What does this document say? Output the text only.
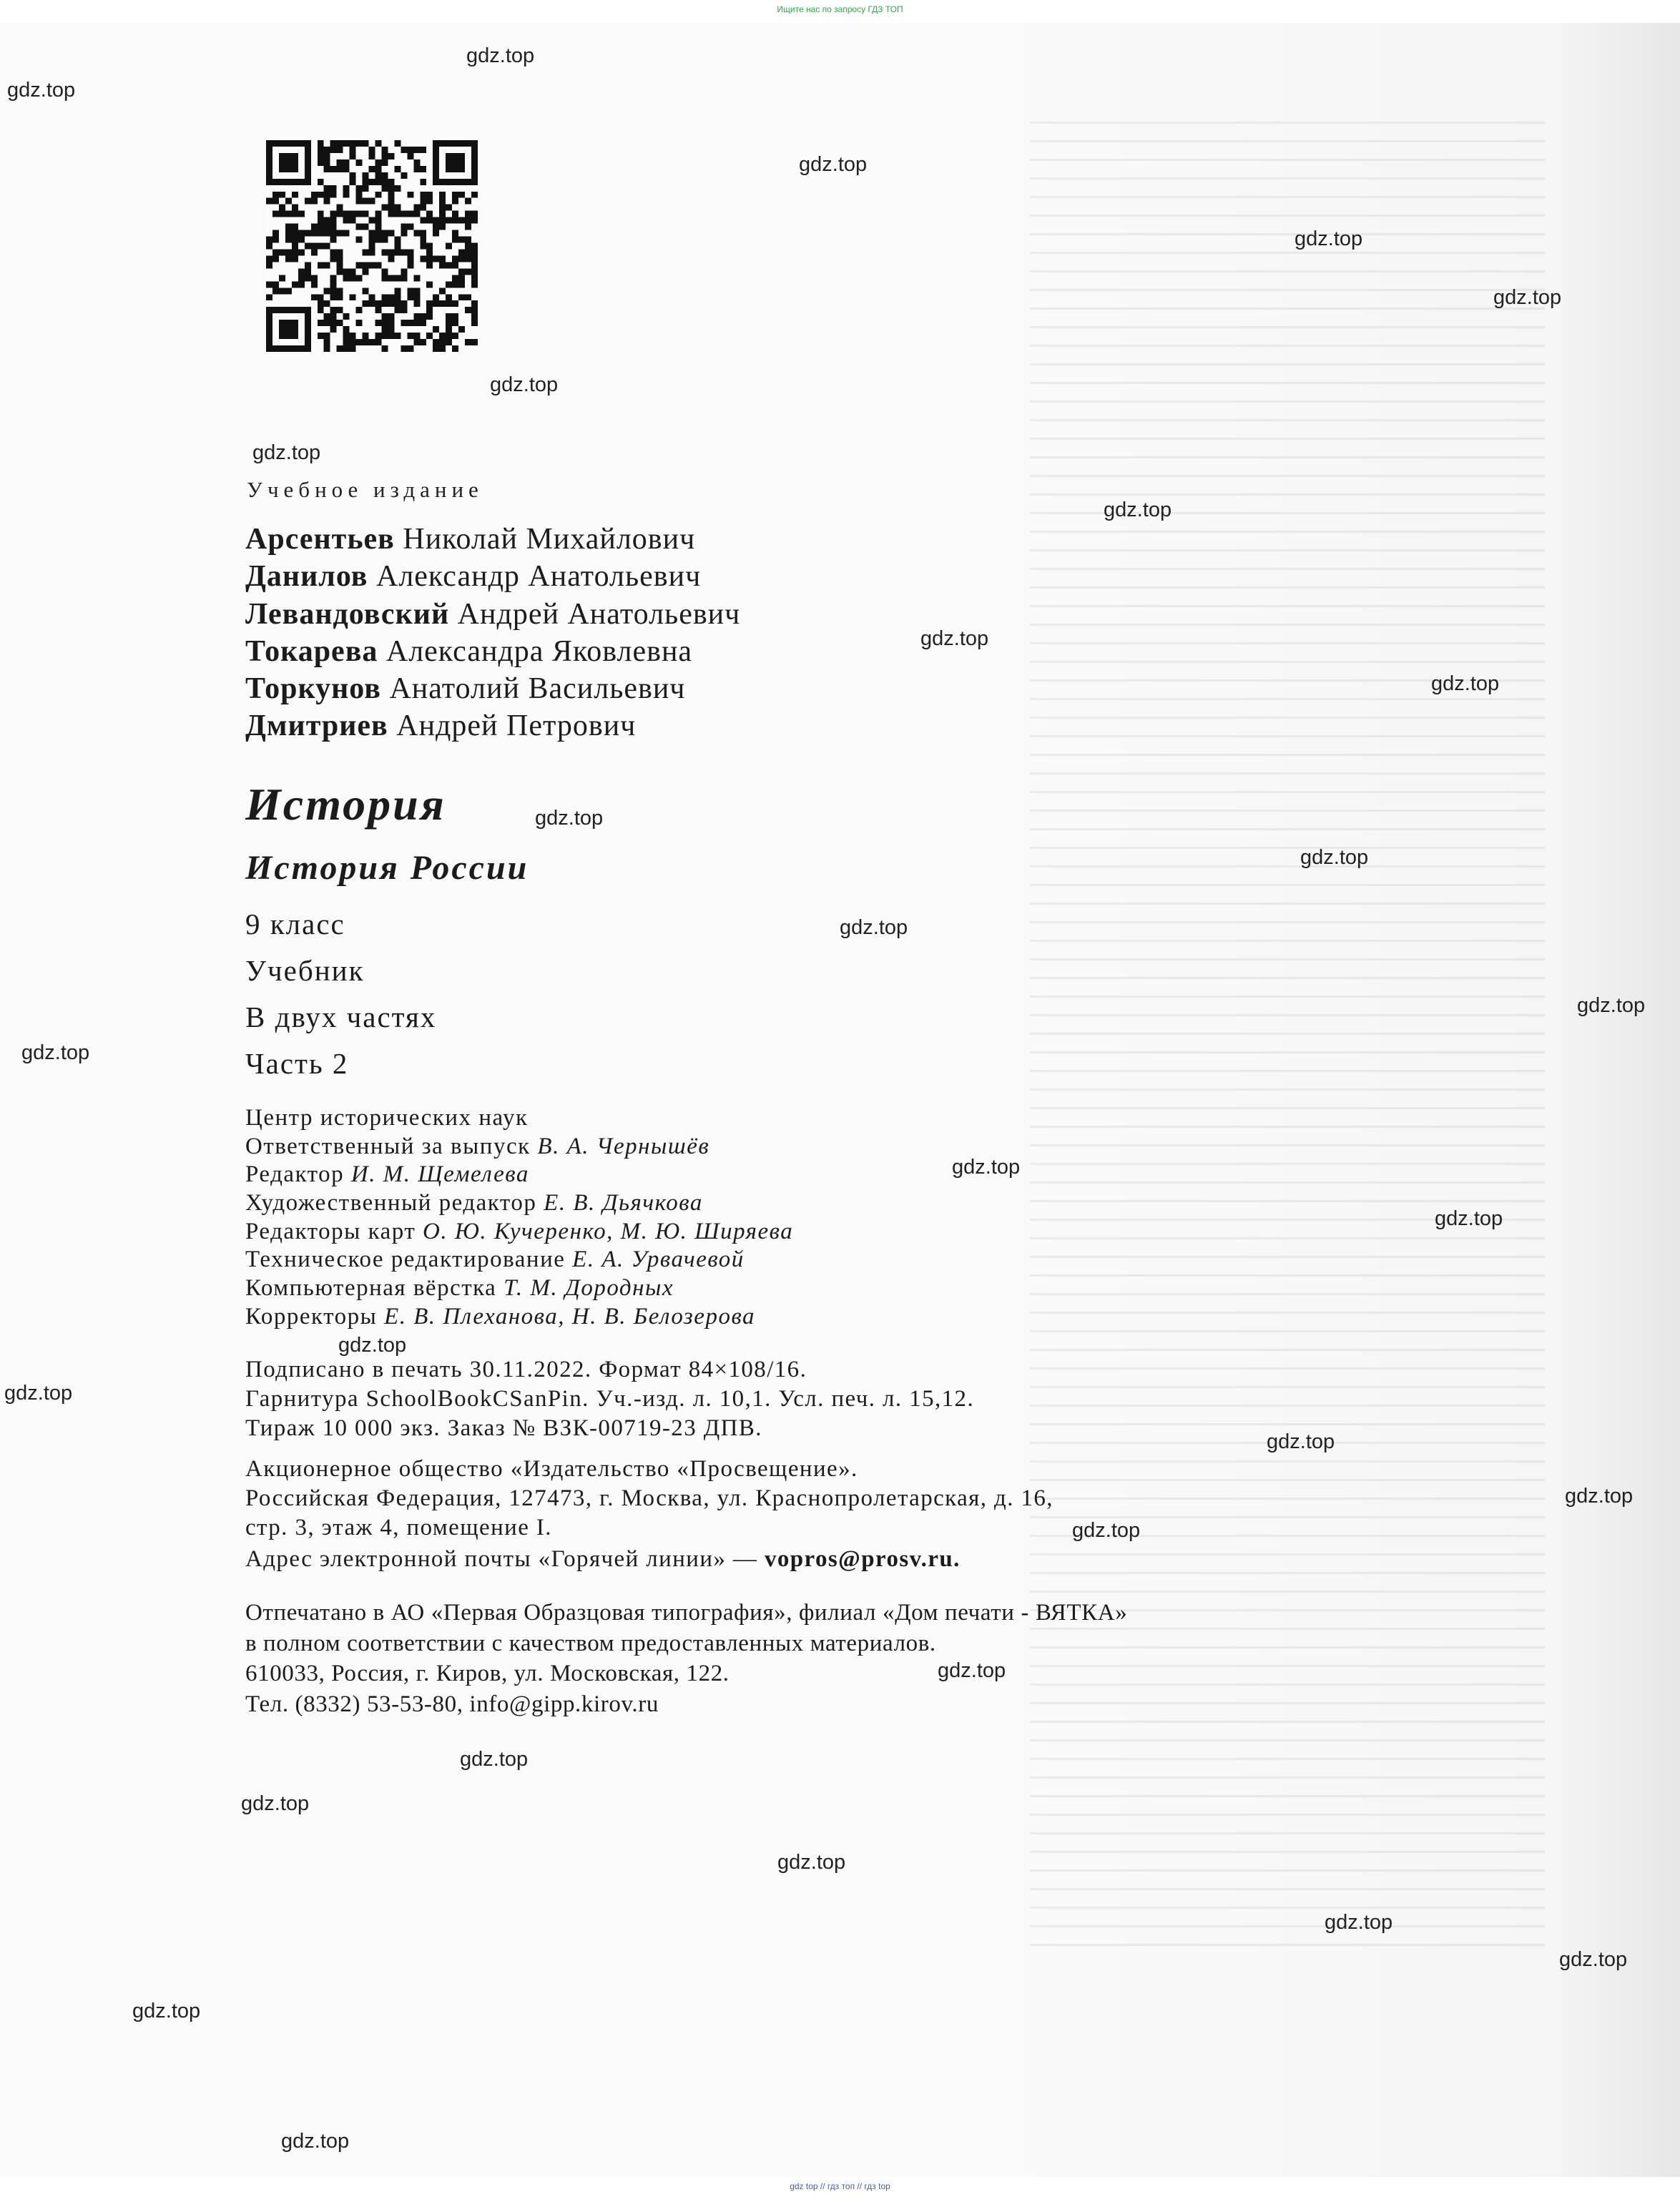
Ищите нас по запросу ГДЗ ТОП
Учебное издание
Арсентьев Николай Михайлович
Данилов Александр Анатольевич
Левандовский Андрей Анатольевич
Токарева Александра Яковлевна
Торкунов Анатолий Васильевич
Дмитриев Андрей Петрович
История
История России
9 класс
Учебник
В двух частях
Часть 2
Центр исторических наук
Ответственный за выпуск В. А. Чернышёв
Редактор И. М. Щемелева
Художественный редактор Е. В. Дьячкова
Редакторы карт О. Ю. Кучеренко, М. Ю. Ширяева
Техническое редактирование Е. А. Урвачевой
Компьютерная вёрстка Т. М. Дородных
Корректоры Е. В. Плеханова, Н. В. Белозерова
Подписано в печать 30.11.2022. Формат 84×108/16.
Гарнитура SchoolBookCSanPin. Уч.-изд. л. 10,1. Усл. печ. л. 15,12.
Тираж 10 000 экз. Заказ № ВЗК-00719-23 ДПВ.
Акционерное общество «Издательство «Просвещение».
Российская Федерация, 127473, г. Москва, ул. Краснопролетарская, д. 16,
стр. 3, этаж 4, помещение I.
Адрес электронной почты «Горячей линии» — vopros@prosv.ru.
Отпечатано в АО «Первая Образцовая типография», филиал «Дом печати - ВЯТКА»
в полном соответствии с качеством предоставленных материалов.
610033, Россия, г. Киров, ул. Московская, 122.
Тел. (8332) 53-53-80, info@gipp.kirov.ru
gdz.top
gdz.top
gdz.top
gdz.top
gdz.top
gdz.top
gdz.top
gdz.top
gdz.top
gdz.top
gdz.top
gdz.top
gdz.top
gdz.top
gdz.top
gdz.top
gdz.top
gdz.top
gdz.top
gdz.top
gdz.top
gdz.top
gdz.top
gdz.top
gdz.top
gdz.top
gdz.top
gdz.top
gdz.top
gdz.top
gdz top // гдз топ // гдз top
